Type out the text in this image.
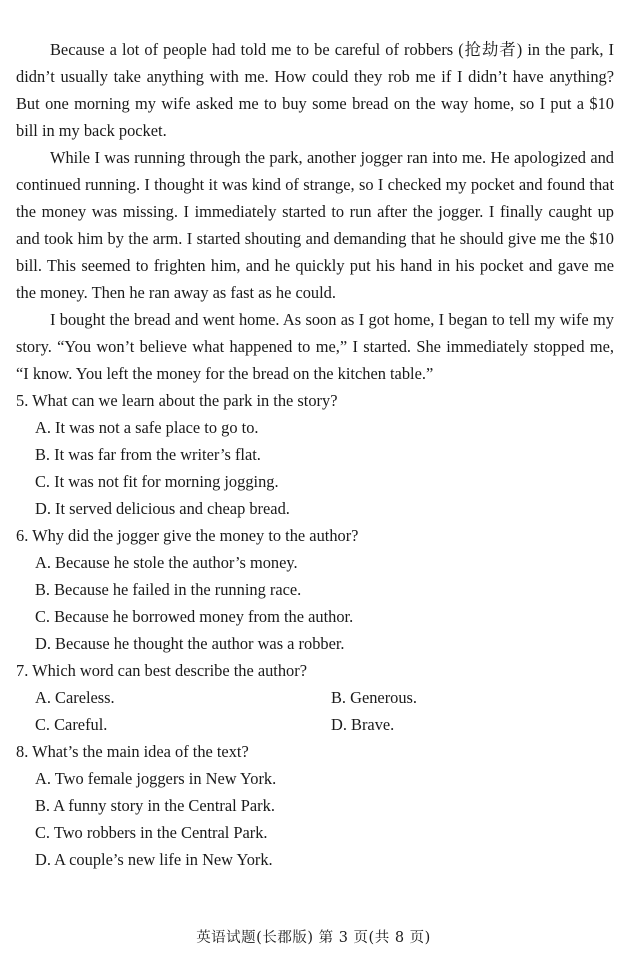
Because a lot of people had told me to be careful of robbers (抢劫者) in the park, I didn’t usually take anything with me. How could they rob me if I didn’t have anything? But one morning my wife asked me to buy some bread on the way home, so I put a $10 bill in my back pocket.

While I was running through the park, another jogger ran into me. He apologized and continued running. I thought it was kind of strange, so I checked my pocket and found that the money was missing. I immediately started to run after the jogger. I finally caught up and took him by the arm. I started shouting and demanding that he should give me the $10 bill. This seemed to frighten him, and he quickly put his hand in his pocket and gave me the money. Then he ran away as fast as he could.

I bought the bread and went home. As soon as I got home, I began to tell my wife my story. “You won’t believe what happened to me,” I started. She immediately stopped me, “I know. You left the money for the bread on the kitchen table.”

5. What can we learn about the park in the story?

A. It was not a safe place to go to.
B. It was far from the writer’s flat.
C. It was not fit for morning jogging.
D. It served delicious and cheap bread.

6. Why did the jogger give the money to the author?

A. Because he stole the author’s money.
B. Because he failed in the running race.
C. Because he borrowed money from the author.
D. Because he thought the author was a robber.

7. Which word can best describe the author?

A. Careless.	B. Generous.
C. Careful.	D. Brave.

8. What’s the main idea of the text?

A. Two female joggers in New York.
B. A funny story in the Central Park.
C. Two robbers in the Central Park.
D. A couple’s new life in New York.
英语试题(长郡版) 第 3 页(共 8 页)
